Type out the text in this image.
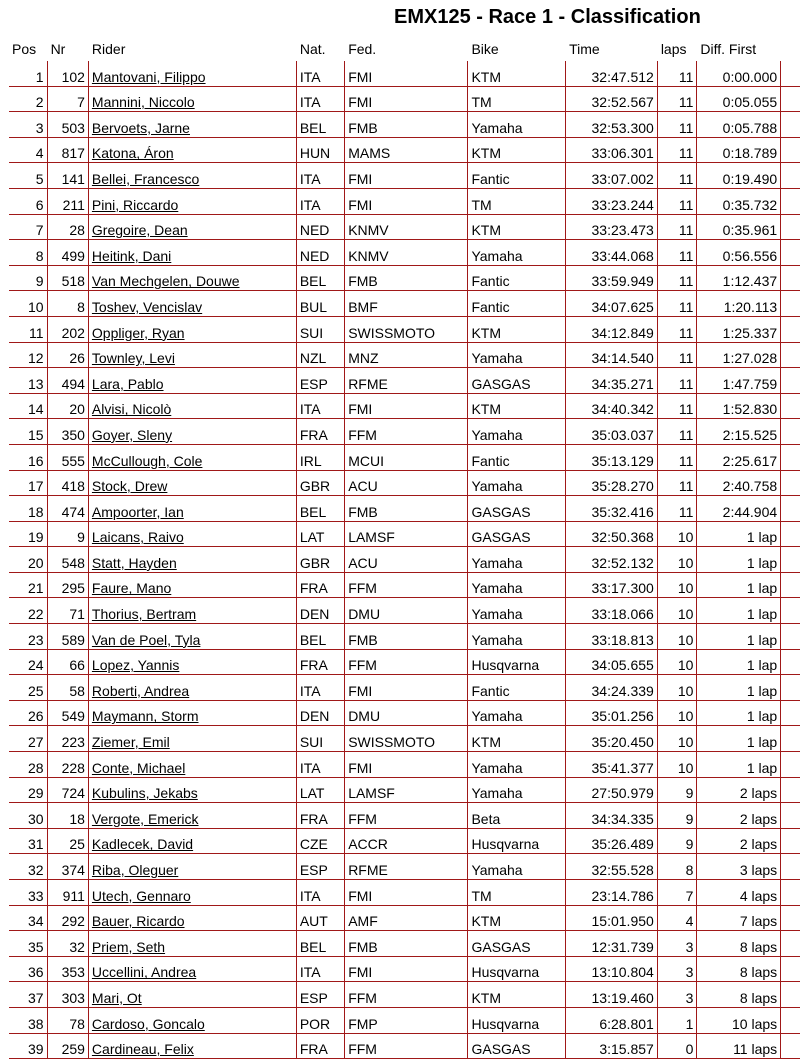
EMX125 - Race 1 - Classification
Pos	Nr	Rider	Nat.	Fed.	Bike	Time	laps	Diff. First	
1	102	Mantovani, Filippo	ITA	FMI	KTM	32:47.512	11	0:00.000	
2	7	Mannini, Niccolo	ITA	FMI	TM	32:52.567	11	0:05.055	
3	503	Bervoets, Jarne	BEL	FMB	Yamaha	32:53.300	11	0:05.788	
4	817	Katona, Áron	HUN	MAMS	KTM	33:06.301	11	0:18.789	
5	141	Bellei, Francesco	ITA	FMI	Fantic	33:07.002	11	0:19.490	
6	211	Pini, Riccardo	ITA	FMI	TM	33:23.244	11	0:35.732	
7	28	Gregoire, Dean	NED	KNMV	KTM	33:23.473	11	0:35.961	
8	499	Heitink, Dani	NED	KNMV	Yamaha	33:44.068	11	0:56.556	
9	518	Van Mechgelen, Douwe	BEL	FMB	Fantic	33:59.949	11	1:12.437	
10	8	Toshev, Vencislav	BUL	BMF	Fantic	34:07.625	11	1:20.113	
11	202	Oppliger, Ryan	SUI	SWISSMOTO	KTM	34:12.849	11	1:25.337	
12	26	Townley, Levi	NZL	MNZ	Yamaha	34:14.540	11	1:27.028	
13	494	Lara, Pablo	ESP	RFME	GASGAS	34:35.271	11	1:47.759	
14	20	Alvisi, Nicolò	ITA	FMI	KTM	34:40.342	11	1:52.830	
15	350	Goyer, Sleny	FRA	FFM	Yamaha	35:03.037	11	2:15.525	
16	555	McCullough, Cole	IRL	MCUI	Fantic	35:13.129	11	2:25.617	
17	418	Stock, Drew	GBR	ACU	Yamaha	35:28.270	11	2:40.758	
18	474	Ampoorter, Ian	BEL	FMB	GASGAS	35:32.416	11	2:44.904	
19	9	Laicans, Raivo	LAT	LAMSF	GASGAS	32:50.368	10	1 lap	
20	548	Statt, Hayden	GBR	ACU	Yamaha	32:52.132	10	1 lap	
21	295	Faure, Mano	FRA	FFM	Yamaha	33:17.300	10	1 lap	
22	71	Thorius, Bertram	DEN	DMU	Yamaha	33:18.066	10	1 lap	
23	589	Van de Poel, Tyla	BEL	FMB	Yamaha	33:18.813	10	1 lap	
24	66	Lopez, Yannis	FRA	FFM	Husqvarna	34:05.655	10	1 lap	
25	58	Roberti, Andrea	ITA	FMI	Fantic	34:24.339	10	1 lap	
26	549	Maymann, Storm	DEN	DMU	Yamaha	35:01.256	10	1 lap	
27	223	Ziemer, Emil	SUI	SWISSMOTO	KTM	35:20.450	10	1 lap	
28	228	Conte, Michael	ITA	FMI	Yamaha	35:41.377	10	1 lap	
29	724	Kubulins, Jekabs	LAT	LAMSF	Yamaha	27:50.979	9	2 laps	
30	18	Vergote, Emerick	FRA	FFM	Beta	34:34.335	9	2 laps	
31	25	Kadlecek, David	CZE	ACCR	Husqvarna	35:26.489	9	2 laps	
32	374	Riba, Oleguer	ESP	RFME	Yamaha	32:55.528	8	3 laps	
33	911	Utech, Gennaro	ITA	FMI	TM	23:14.786	7	4 laps	
34	292	Bauer, Ricardo	AUT	AMF	KTM	15:01.950	4	7 laps	
35	32	Priem, Seth	BEL	FMB	GASGAS	12:31.739	3	8 laps	
36	353	Uccellini, Andrea	ITA	FMI	Husqvarna	13:10.804	3	8 laps	
37	303	Mari, Ot	ESP	FFM	KTM	13:19.460	3	8 laps	
38	78	Cardoso, Goncalo	POR	FMP	Husqvarna	6:28.801	1	10 laps	
39	259	Cardineau, Felix	FRA	FFM	GASGAS	3:15.857	0	11 laps	
